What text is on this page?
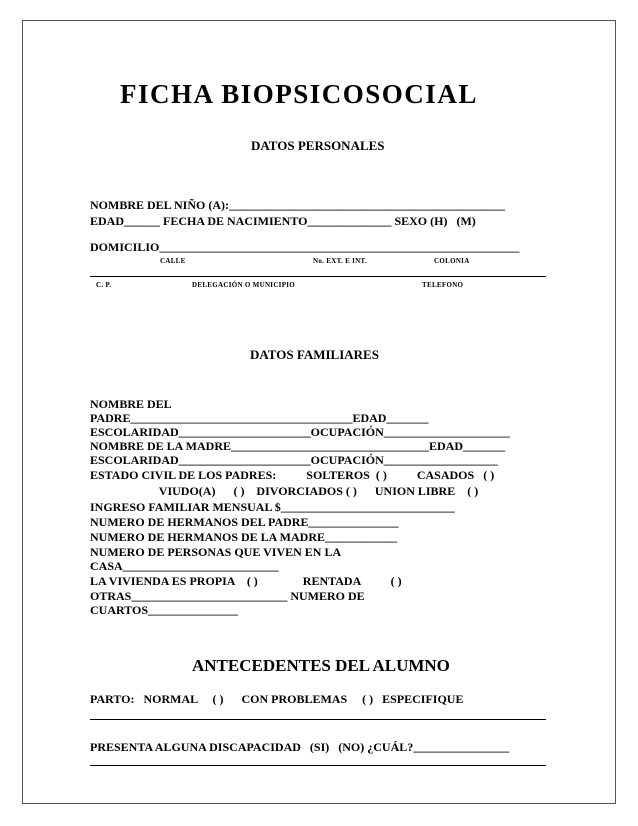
FICHA BIOPSICOSOCIAL
DATOS PERSONALES
NOMBRE DEL NIÑO (A):______________________________________________
EDAD______ FECHA DE NACIMIENTO______________ SEXO (H)   (M)
DOMICILIO____________________________________________________________
CALLE	No. EXT. E INT.	COLONIA
C. P.	DELEGACIÓN O MUNICIPIO	TELEFONO
DATOS FAMILIARES
NOMBRE DEL
PADRE_____________________________________EDAD_______
ESCOLARIDAD______________________OCUPACIÓN_____________________
NOMBRE DE LA MADRE_________________________________EDAD_______
ESCOLARIDAD______________________OCUPACIÓN___________________
ESTADO CIVIL DE LOS PADRES:          SOLTEROS  ( )          CASADOS   ( )
VIUDO(A)      ( )    DIVORCIADOS ( )      UNION LIBRE    ( )
INGRESO FAMILIAR MENSUAL $_____________________________
NUMERO DE HERMANOS DEL PADRE_______________
NUMERO DE HERMANOS DE LA MADRE____________
NUMERO DE PERSONAS QUE VIVEN EN LA
CASA__________________________
LA VIVIENDA ES PROPIA    ( )               RENTADA          ( )
OTRAS__________________________ NUMERO DE
CUARTOS_______________
ANTECEDENTES DEL ALUMNO
PARTO:   NORMAL     ( )      CON PROBLEMAS     ( )   ESPECIFIQUE
PRESENTA ALGUNA DISCAPACIDAD   (SI)   (NO) ¿CUÁL?________________
